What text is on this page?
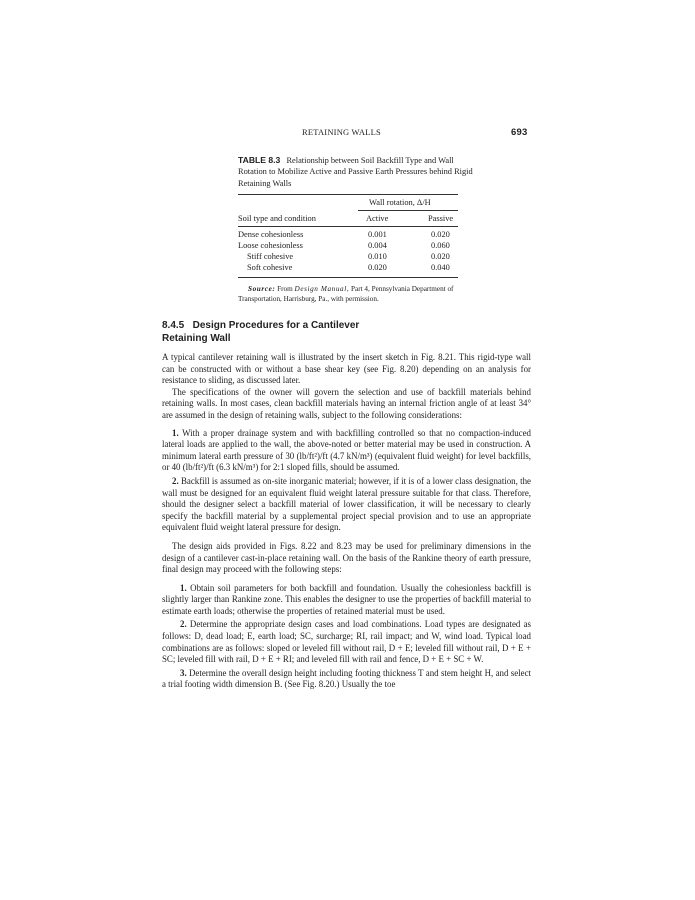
RETAINING WALLS	693
TABLE 8.3 Relationship between Soil Backfill Type and Wall Rotation to Mobilize Active and Passive Earth Pressures behind Rigid Retaining Walls
Wall rotation, Δ/H
Soil type and condition	Active	Passive
Dense cohesionless	0.001	0.020
Loose cohesionless	0.004	0.060
Stiff cohesive	0.010	0.020
Soft cohesive	0.020	0.040
Source: From Design Manual, Part 4, Pennsylvania Department of Transportation, Harrisburg, Pa., with permission.
8.4.5 Design Procedures for a Cantilever
Retaining Wall

A typical cantilever retaining wall is illustrated by the insert sketch in Fig. 8.21. This rigid-type wall can be constructed with or without a base shear key (see Fig. 8.20) depending on an analysis for resistance to sliding, as discussed later.

The specifications of the owner will govern the selection and use of backfill materials behind retaining walls. In most cases, clean backfill materials having an internal friction angle of at least 34° are assumed in the design of retaining walls, subject to the following considerations:

1. With a proper drainage system and with backfilling controlled so that no compaction-induced lateral loads are applied to the wall, the above-noted or better material may be used in construction. A minimum lateral earth pressure of 30 (lb/ft²)/ft (4.7 kN/m³) (equivalent fluid weight) for level backfills, or 40 (lb/ft²)/ft (6.3 kN/m³) for 2:1 sloped fills, should be assumed.

2. Backfill is assumed as on-site inorganic material; however, if it is of a lower class designation, the wall must be designed for an equivalent fluid weight lateral pressure suitable for that class. Therefore, should the designer select a backfill material of lower classification, it will be necessary to clearly specify the backfill material by a supplemental project special provision and to use an appropriate equivalent fluid weight lateral pressure for design.

The design aids provided in Figs. 8.22 and 8.23 may be used for preliminary dimensions in the design of a cantilever cast-in-place retaining wall. On the basis of the Rankine theory of earth pressure, final design may proceed with the following steps:

1. Obtain soil parameters for both backfill and foundation. Usually the cohesionless backfill is slightly larger than Rankine zone. This enables the designer to use the properties of backfill material to estimate earth loads; otherwise the properties of retained material must be used.

2. Determine the appropriate design cases and load combinations. Load types are designated as follows: D, dead load; E, earth load; SC, surcharge; RI, rail impact; and W, wind load. Typical load combinations are as follows: sloped or leveled fill without rail, D + E; leveled fill without rail, D + E + SC; leveled fill with rail, D + E + RI; and leveled fill with rail and fence, D + E + SC + W.

3. Determine the overall design height including footing thickness T and stem height H, and select a trial footing width dimension B. (See Fig. 8.20.) Usually the toe
